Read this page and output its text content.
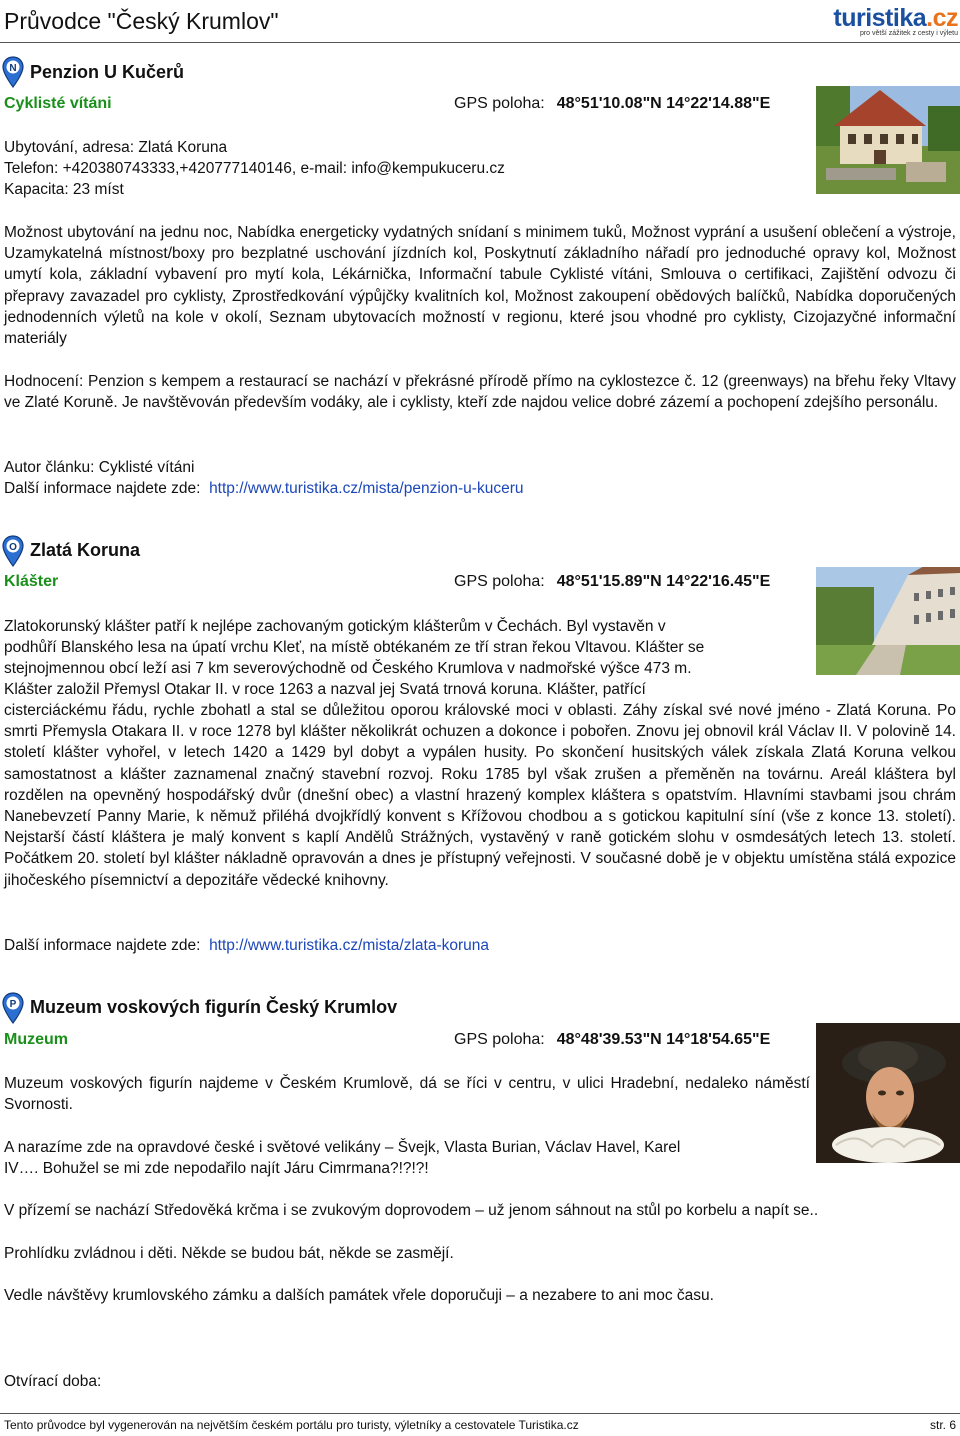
Průvodce "Český Krumlov"	turistika.cz
pro větší zážitek z cesty i výletu
N Penzion U Kučerů
Cyklisté vítáni	GPS poloha: 48°51'10.08"N 14°22'14.88"E
Ubytování, adresa: Zlatá Koruna
Telefon: +420380743333,+420777140146, e-mail: info@kempukuceru.cz
Kapacita: 23 míst
Možnost ubytování na jednu noc, Nabídka energeticky vydatných snídaní s minimem tuků, Možnost vyprání a usušení oblečení a výstroje, Uzamykatelná místnost/boxy pro bezplatné uschování jízdních kol, Poskytnutí základního nářadí pro jednoduché opravy kol, Možnost umytí kola, základní vybavení pro mytí kola, Lékárnička, Informační tabule Cyklisté vítáni, Smlouva o certifikaci, Zajištění odvozu či přepravy zavazadel pro cyklisty, Zprostředkování výpůjčky kvalitních kol, Možnost zakoupení obědových balíčků, Nabídka doporučených jednodenních výletů na kole v okolí, Seznam ubytovacích možností v regionu, které jsou vhodné pro cyklisty, Cizojazyčné informační materiály
Hodnocení: Penzion s kempem a restaurací se nachází v překrásné přírodě přímo na cyklostezce č. 12 (greenways) na břehu řeky Vltavy ve Zlaté Koruně. Je navštěvován především vodáky, ale i cyklisty, kteří zde najdou velice dobré zázemí a pochopení zdejšího personálu.
Autor článku: Cyklisté vítáni
Další informace najdete zde: http://www.turistika.cz/mista/penzion-u-kuceru
O Zlatá Koruna
Klášter	GPS poloha: 48°51'15.89"N 14°22'16.45"E
Zlatokorunský klášter patří k nejlépe zachovaným gotickým klášterům v Čechách. Byl vystavěn v
podhůří Blanského lesa na úpatí vrchu Kleť, na místě obtékaném ze tří stran řekou Vltavou. Klášter se
stejnojmennou obcí leží asi 7 km severovýchodně od Českého Krumlova v nadmořské výšce 473 m.
Klášter založil Přemysl Otakar II. v roce 1263 a nazval jej Svatá trnová koruna. Klášter, patřící
cisterciáckému řádu, rychle zbohatl a stal se důležitou oporou královské moci v oblasti. Záhy získal své nové jméno - Zlatá Koruna. Po smrti Přemysla Otakara II. v roce 1278 byl klášter několikrát ochuzen a dokonce i pobořen. Znovu jej obnovil král Václav II. V polovině 14. století klášter vyhořel, v letech 1420 a 1429 byl dobyt a vypálen husity. Po skončení husitských válek získala Zlatá Koruna velkou samostatnost a klášter zaznamenal značný stavební rozvoj. Roku 1785 byl však zrušen a přeměněn na továrnu. Areál kláštera byl rozdělen na opevněný hospodářský dvůr (dnešní obec) a vlastní hrazený komplex kláštera s opatstvím. Hlavními stavbami jsou chrám Nanebevzetí Panny Marie, k němuž přiléhá dvojkřídlý konvent s Křížovou chodbou a s gotickou kapitulní síní (vše z konce 13. století). Nejstarší částí kláštera je malý konvent s kaplí Andělů Strážných, vystavěný v raně gotickém slohu v osmdesátých letech 13. století. Počátkem 20. století byl klášter nákladně opravován a dnes je přístupný veřejnosti. V současné době je v objektu umístěna stálá expozice jihočeského písemnictví a depozitáře vědecké knihovny.
Další informace najdete zde: http://www.turistika.cz/mista/zlata-koruna
P Muzeum voskových figurín Český Krumlov
Muzeum	GPS poloha: 48°48'39.53"N 14°18'54.65"E
Muzeum voskových figurín najdeme v Českém Krumlově, dá se říci v centru, v ulici Hradební, nedaleko náměstí Svornosti.
A narazíme zde na opravdové české i světové velikány – Švejk, Vlasta Burian, Václav Havel, Karel
IV…. Bohužel se mi zde nepodařilo najít Járu Cimrmana?!?!?!
V přízemí se nachází Středověká krčma i se zvukovým doprovodem – už jenom sáhnout na stůl po korbelu a napít se..
Prohlídku zvládnou i děti. Někde se budou bát, někde se zasmějí.
Vedle návštěvy krumlovského zámku a dalších památek vřele doporučuji – a nezabere to ani moc času.
Otvírací doba:
Tento průvodce byl vygenerován na největším českém portálu pro turisty, výletníky a cestovatele Turistika.cz	str. 6
